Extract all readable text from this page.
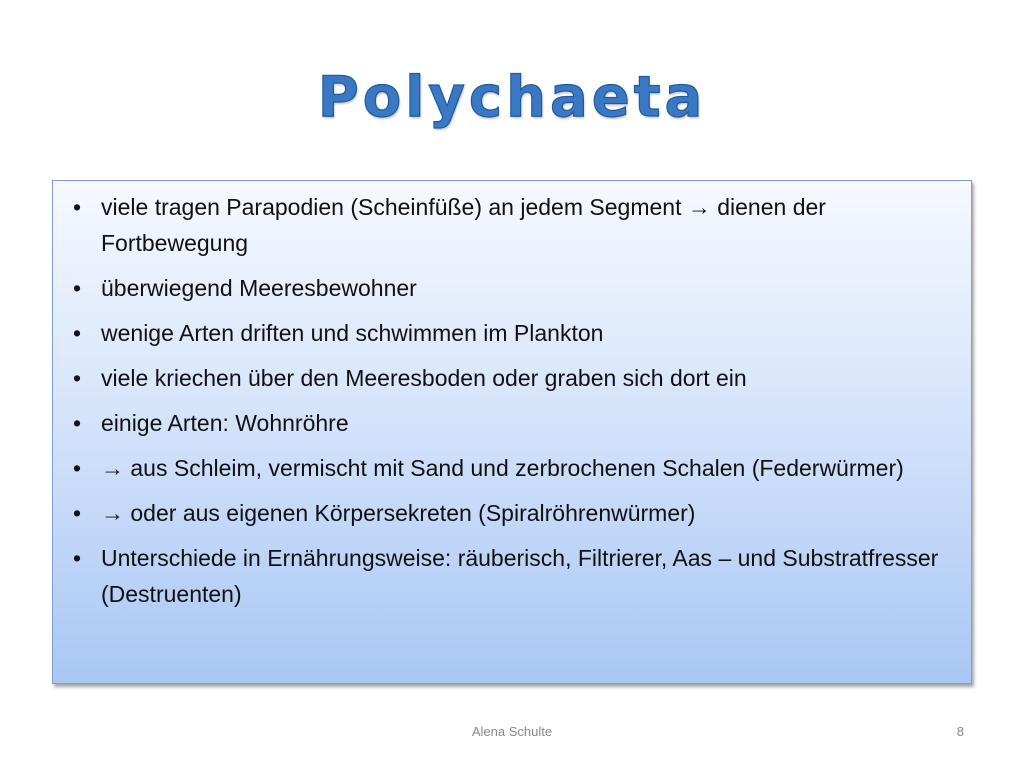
Polychaeta
• viele tragen Parapodien (Scheinfüße) an jedem Segment → dienen der Fortbewegung
• überwiegend Meeresbewohner
• wenige Arten driften und schwimmen im Plankton
• viele kriechen über den Meeresboden oder graben sich dort ein
• einige Arten: Wohnröhre
• → aus Schleim, vermischt mit Sand und zerbrochenen Schalen (Federwürmer)
• → oder aus eigenen Körpersekreten (Spiralröhrenwürmer)
• Unterschiede in Ernährungsweise: räuberisch, Filtrierer, Aas – und Substratfresser (Destruenten)
Alena Schulte	8
